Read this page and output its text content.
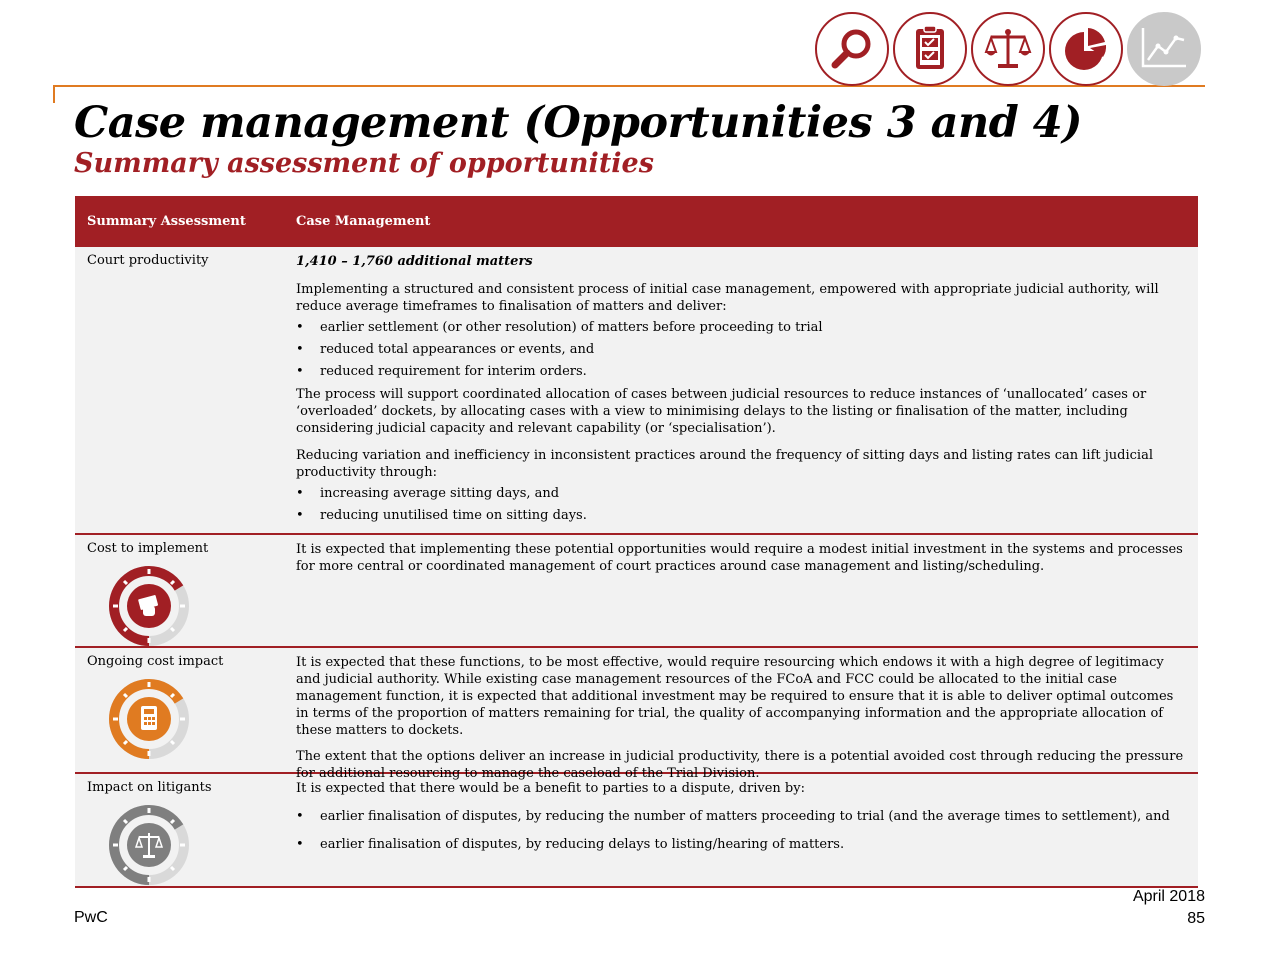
Case management (Opportunities 3 and 4)
Summary assessment of opportunities
Summary Assessment	Case Management
Court productivity	1,410 – 1,760 additional matters

Implementing a structured and consistent process of initial case management, empowered with appropriate judicial authority, will reduce average timeframes to finalisation of matters and deliver:

• earlier settlement (or other resolution) of matters before proceeding to trial
• reduced total appearances or events, and
• reduced requirement for interim orders.

The process will support coordinated allocation of cases between judicial resources to reduce instances of ‘unallocated’ cases or ‘overloaded’ dockets, by allocating cases with a view to minimising delays to the listing or finalisation of the matter, including considering judicial capacity and relevant capability (or ‘specialisation’).

Reducing variation and inefficiency in inconsistent practices around the frequency of sitting days and listing rates can lift judicial productivity through:

• increasing average sitting days, and
• reducing unutilised time on sitting days.
Cost to implement	It is expected that implementing these potential opportunities would require a modest initial investment in the systems and processes for more central or coordinated management of court practices around case management and listing/scheduling.

Ongoing cost impact	It is expected that these functions, to be most effective, would require resourcing which endows it with a high degree of legitimacy and judicial authority. While existing case management resources of the FCoA and FCC could be allocated to the initial case management function, it is expected that additional investment may be required to ensure that it is able to deliver optimal outcomes in terms of the proportion of matters remaining for trial, the quality of accompanying information and the appropriate allocation of these matters to dockets.

The extent that the options deliver an increase in judicial productivity, there is a potential avoided cost through reducing the pressure for additional resourcing to manage the caseload of the Trial Division.

Impact on litigants	It is expected that there would be a benefit to parties to a dispute, driven by:

• earlier finalisation of disputes, by reducing the number of matters proceeding to trial (and the average times to settlement), and
• earlier finalisation of disputes, by reducing delays to listing/hearing of matters.
PwC
April 2018
85
